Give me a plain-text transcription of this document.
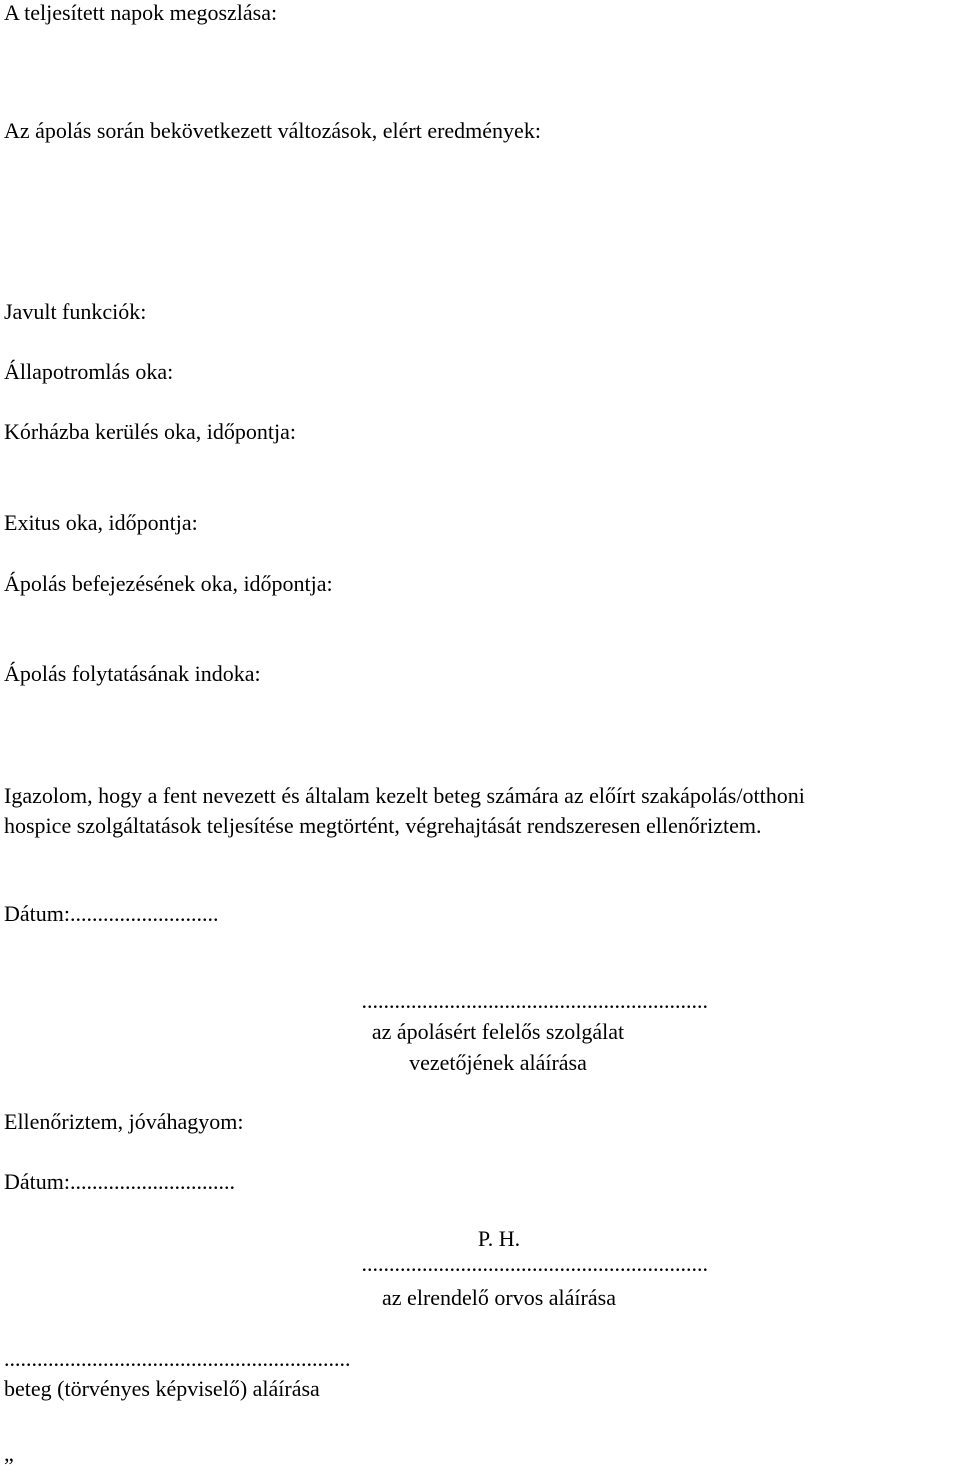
A teljesített napok megoszlása:
Az ápolás során bekövetkezett változások, elért eredmények:
Javult funkciók:
Állapotromlás oka:
Kórházba kerülés oka, időpontja:
Exitus oka, időpontja:
Ápolás befejezésének oka, időpontja:
Ápolás folytatásának indoka:
Igazolom, hogy a fent nevezett és általam kezelt beteg számára az előírt szakápolás/otthoni
hospice szolgáltatások teljesítése megtörtént, végrehajtását rendszeresen ellenőriztem.
Dátum:...........................
...............................................................
az ápolásért felelős szolgálat
vezetőjének aláírása
Ellenőriztem, jóváhagyom:
Dátum:..............................
P. H.
...............................................................
az elrendelő orvos aláírása
...............................................................
beteg (törvényes képviselő) aláírása
„
